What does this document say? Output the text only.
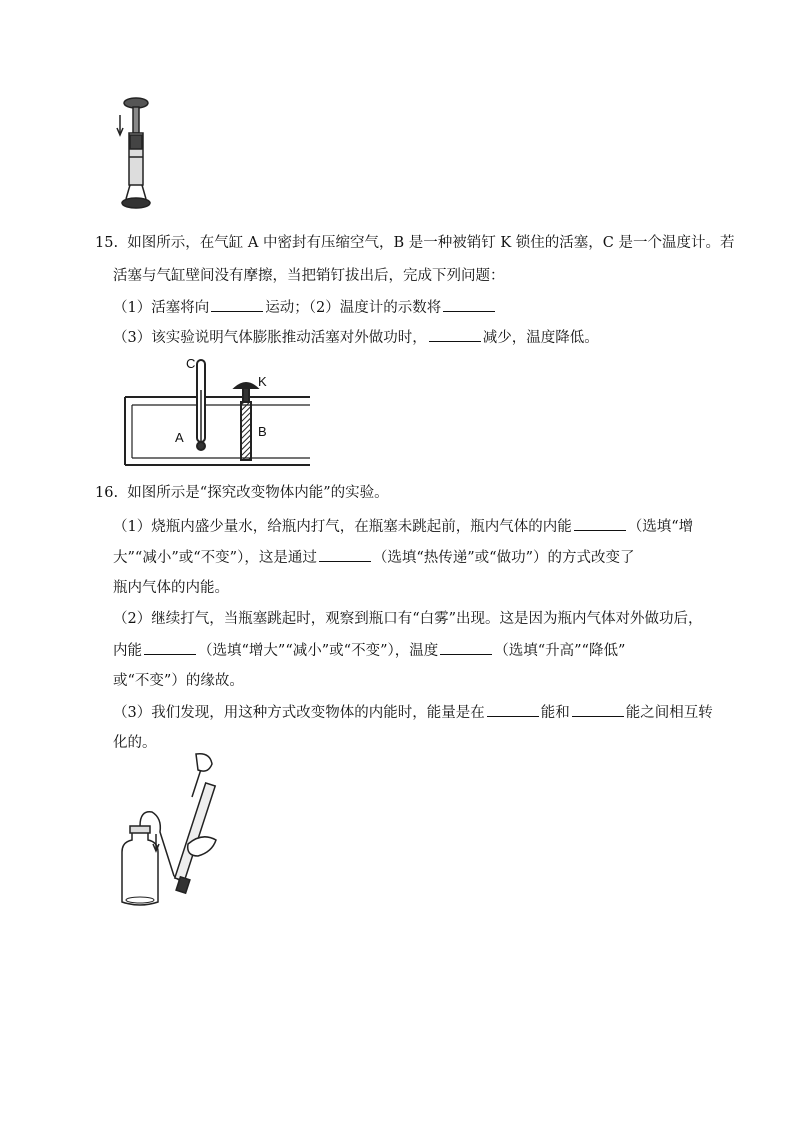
15. 如图所示，在气缸 A 中密封有压缩空气，B 是一种被销钉 K 锁住的活塞，C 是一个温度计。若
活塞与气缸壁间没有摩擦，当把销钉拔出后，完成下列问题：
（1）活塞将向	运动；（2）温度计的示数将
（3）该实验说明气体膨胀推动活塞对外做功时，	减少，温度降低。
C
K
A	B
16. 如图所示是“探究改变物体内能”的实验。
（1）烧瓶内盛少量水，给瓶内打气，在瓶塞未跳起前，瓶内气体的内能	（选填“增
大”“减小”或“不变”），这是通过	（选填“热传递”或“做功”）的方式改变了
瓶内气体的内能。
（2）继续打气，当瓶塞跳起时，观察到瓶口有“白雾”出现。这是因为瓶内气体对外做功后，
内能	（选填“增大”“减小”或“不变”），温度	（选填“升高”“降低”
或“不变”）的缘故。
（3）我们发现，用这种方式改变物体的内能时，能量是在	能和	能之间相互转
化的。
